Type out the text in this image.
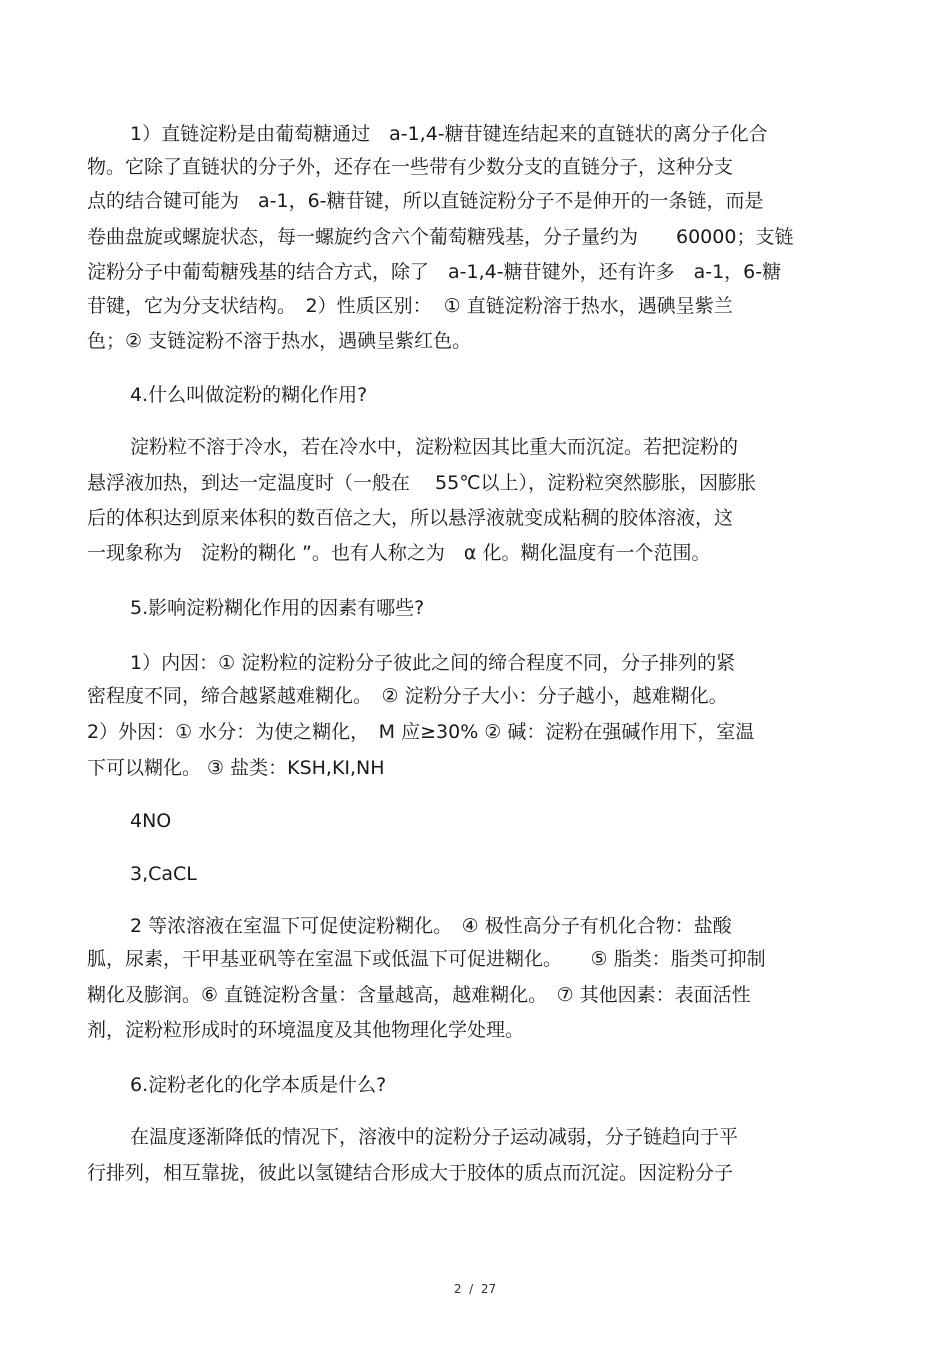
1）直链淀粉是由葡萄糖通过　a-1,4-糖苷键连结起来的直链状的离分子化合
物。它除了直链状的分子外，还存在一些带有少数分支的直链分子，这种分支
点的结合键可能为　a-1，6-糖苷键，所以直链淀粉分子不是伸开的一条链，而是
卷曲盘旋或螺旋状态，每一螺旋约含六个葡萄糖残基，分子量约为　　60000；支链
淀粉分子中葡萄糖残基的结合方式，除了　a-1,4-糖苷键外，还有许多　a-1，6-糖
苷键，它为分支状结构。　2）性质区别：  ① 直链淀粉溶于热水，遇碘呈紫兰
色；② 支链淀粉不溶于热水，遇碘呈紫红色。
4.什么叫做淀粉的糊化作用?
淀粉粒不溶于冷水，若在冷水中，淀粉粒因其比重大而沉淀。若把淀粉的
悬浮液加热，到达一定温度时（一般在　 55℃以上），淀粉粒突然膨胀，因膨胀
后的体积达到原来体积的数百倍之大，所以悬浮液就变成粘稠的胶体溶液，这
一现象称为　淀粉的糊化 ”。也有人称之为　α 化。糊化温度有一个范围。
5.影响淀粉糊化作用的因素有哪些?
1）内因：① 淀粉粒的淀粉分子彼此之间的缔合程度不同，分子排列的紧
密程度不同，缔合越紧越难糊化。　② 淀粉分子大小：分子越小，越难糊化。
2）外因：① 水分：为使之糊化，　M 应≥30% ② 碱：淀粉在强碱作用下，室温
下可以糊化。 ③ 盐类：KSH,KI,NH
4NO
3,CaCL
2 等浓溶液在室温下可促使淀粉糊化。　④ 极性高分子有机化合物：盐酸
胍，尿素，干甲基亚矾等在室温下或低温下可促进糊化。　　⑤ 脂类：脂类可抑制
糊化及膨润。⑥ 直链淀粉含量：含量越高，越难糊化。　⑦ 其他因素：表面活性
剂，淀粉粒形成时的环境温度及其他物理化学处理。
6.淀粉老化的化学本质是什么?
在温度逐渐降低的情况下，溶液中的淀粉分子运动减弱，分子链趋向于平
行排列，相互靠拢，彼此以氢键结合形成大于胶体的质点而沉淀。因淀粉分子
2  /  27
